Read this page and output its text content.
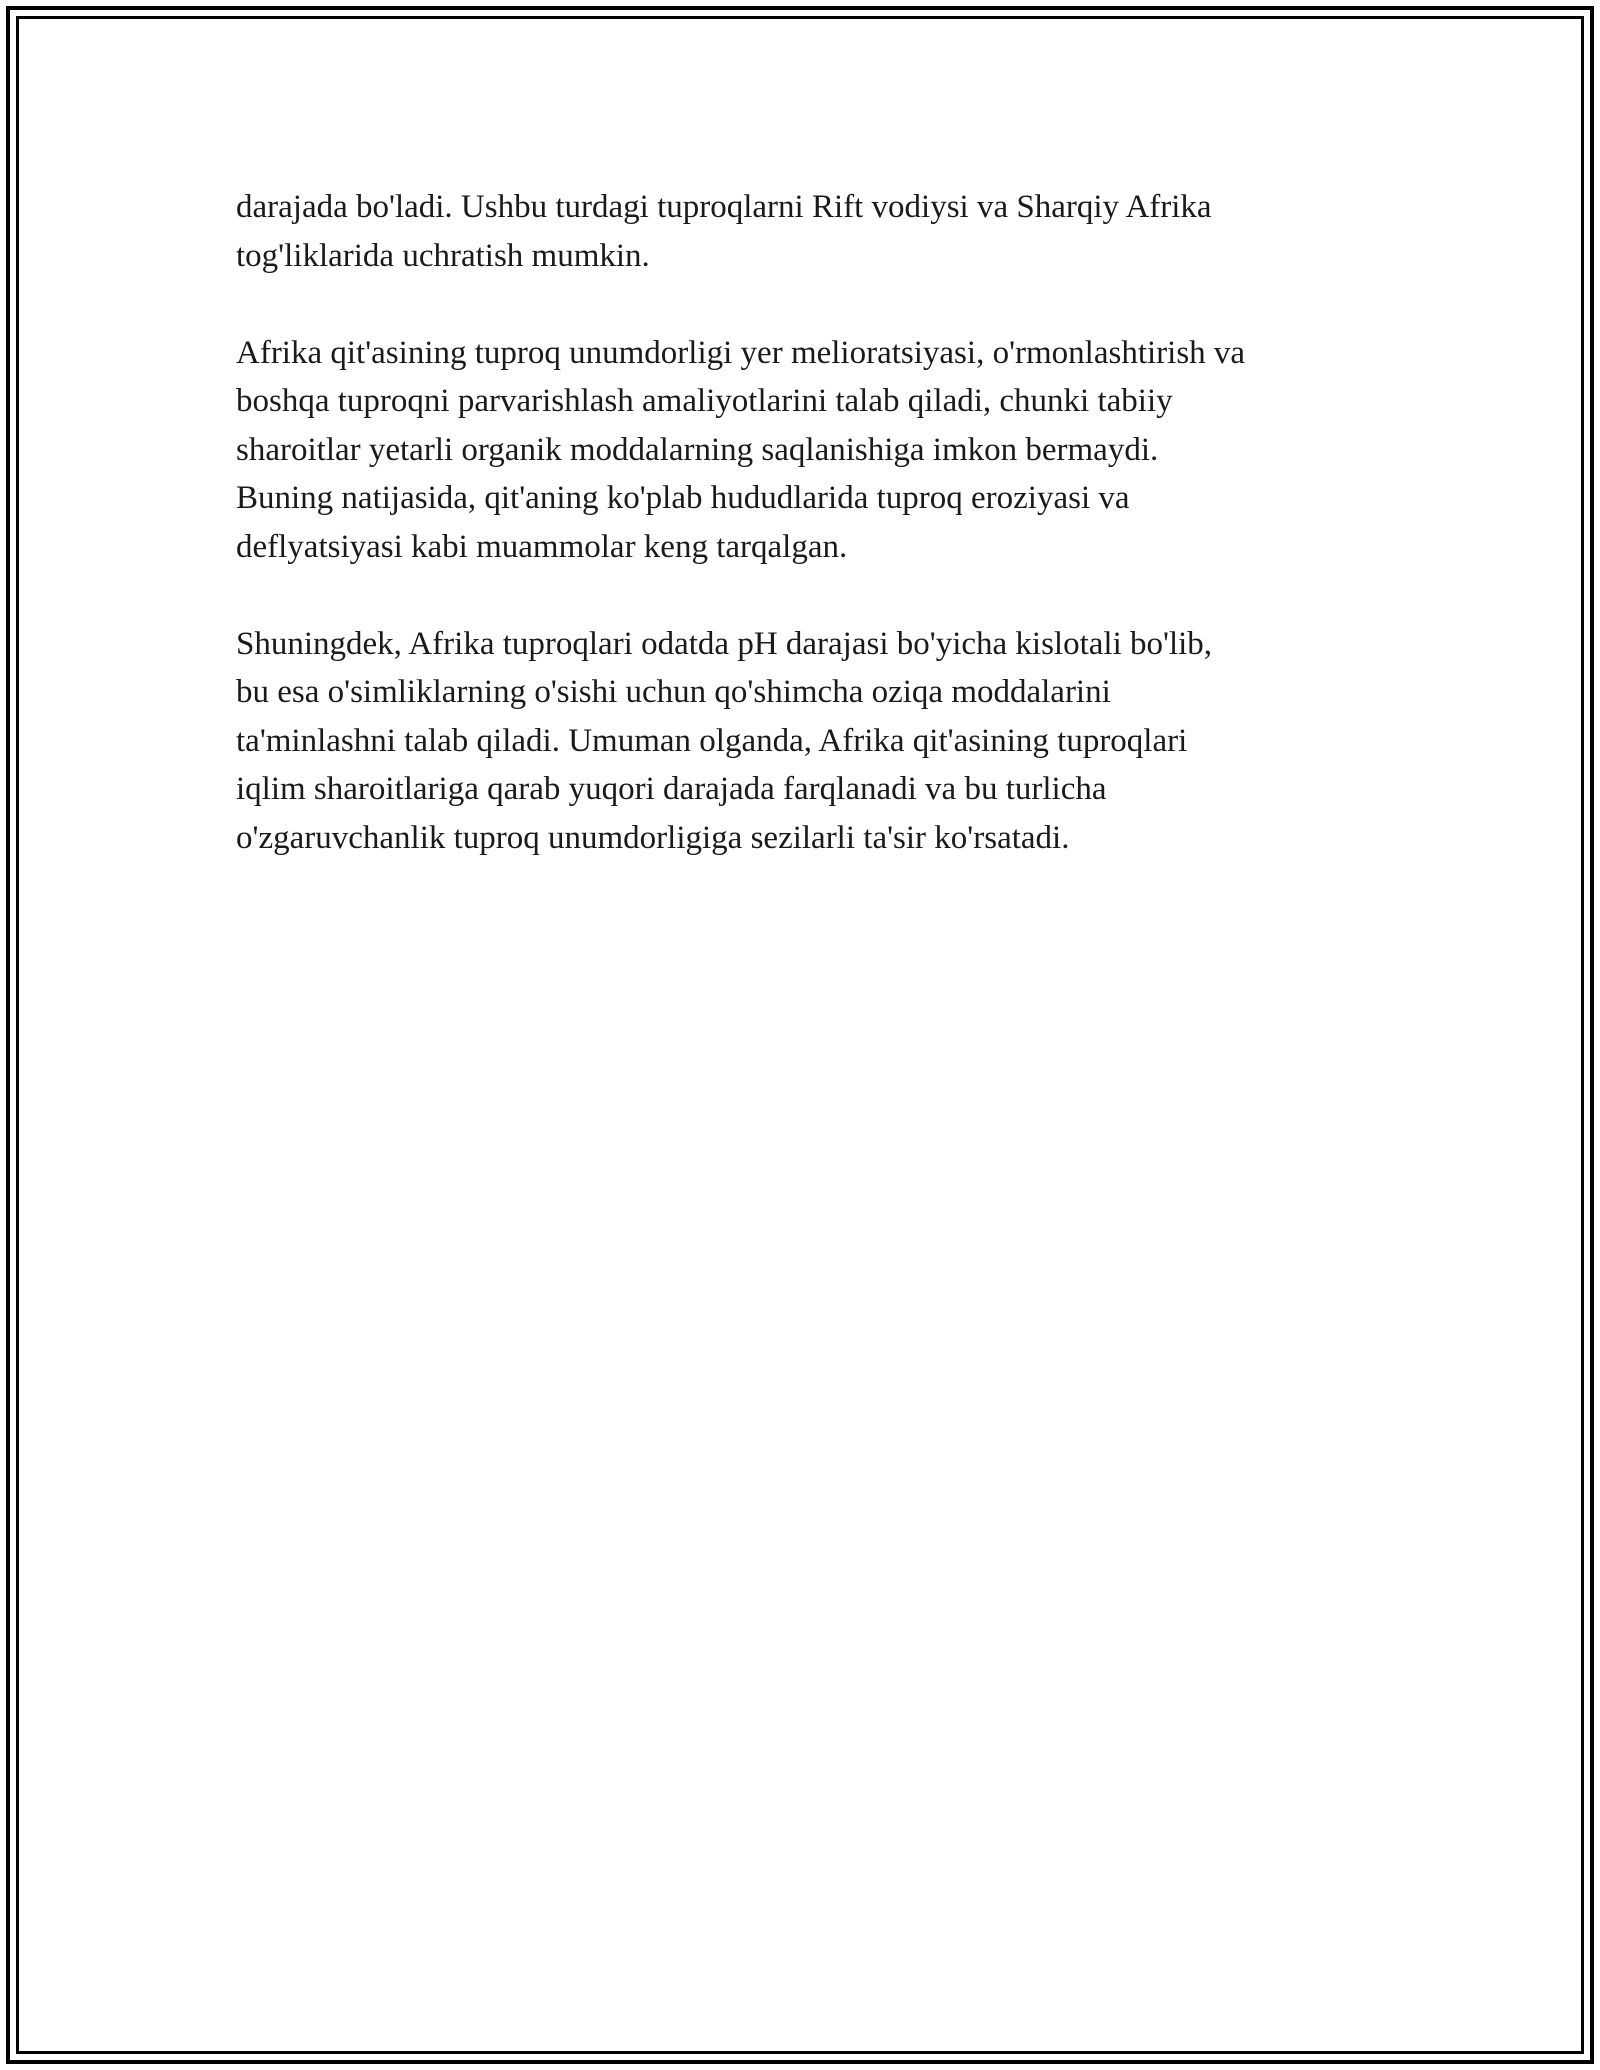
darajada bo'ladi. Ushbu turdagi tuproqlarni Rift vodiysi va Sharqiy Afrika
tog'liklarida uchratish mumkin.

Afrika qit'asining tuproq unumdorligi yer melioratsiyasi, o'rmonlashtirish va
boshqa tuproqni parvarishlash amaliyotlarini talab qiladi, chunki tabiiy
sharoitlar yetarli organik moddalarning saqlanishiga imkon bermaydi.
Buning natijasida, qit'aning ko'plab hududlarida tuproq eroziyasi va
deflyatsiyasi kabi muammolar keng tarqalgan.

Shuningdek, Afrika tuproqlari odatda pH darajasi bo'yicha kislotali bo'lib,
bu esa o'simliklarning o'sishi uchun qo'shimcha oziqa moddalarini
ta'minlashni talab qiladi. Umuman olganda, Afrika qit'asining tuproqlari
iqlim sharoitlariga qarab yuqori darajada farqlanadi va bu turlicha
o'zgaruvchanlik tuproq unumdorligiga sezilarli ta'sir ko'rsatadi.
